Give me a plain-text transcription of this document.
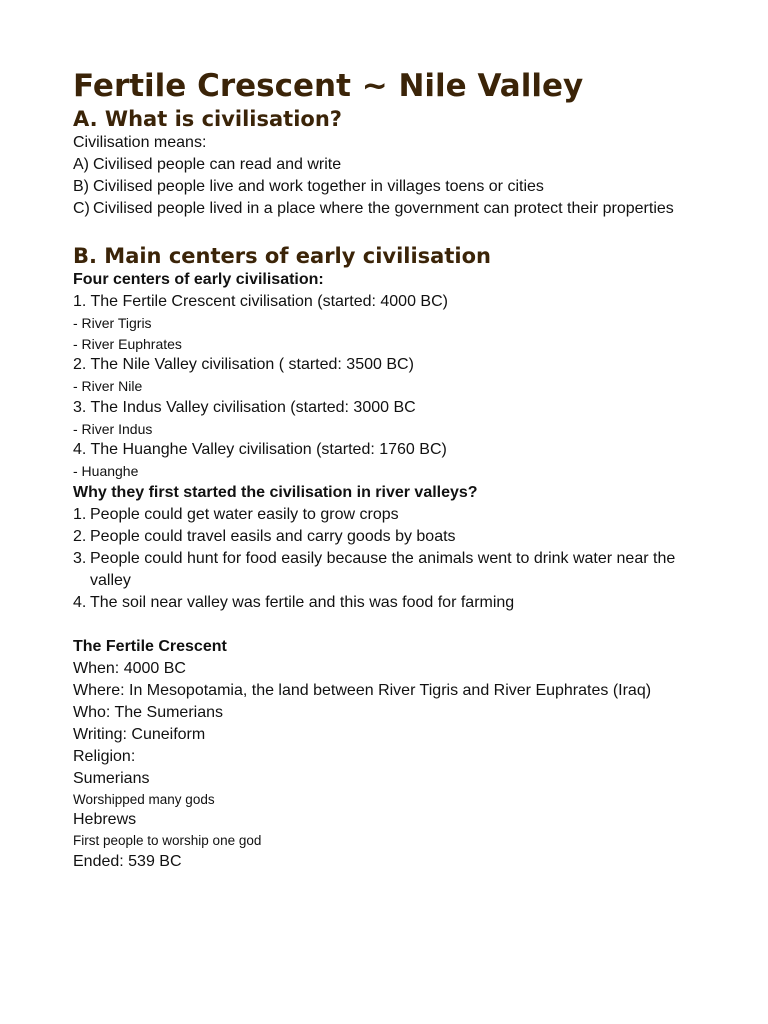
Fertile Crescent ~ Nile Valley
A. What is civilisation?

Civilisation means:

A) Civilised people can read and write
B) Civilised people live and work together in villages toens or cities
C) Civilised people lived in a place where the government can protect their properties
B. Main centers of early civilisation

Four centers of early civilisation:

1. The Fertile Crescent civilisation (started: 4000 BC)

- River Tigris

- River Euphrates

2. The Nile Valley civilisation ( started: 3500 BC)

- River Nile

3. The Indus Valley civilisation (started: 3000 BC

- River Indus

4. The Huanghe Valley civilisation (started: 1760 BC)

- Huanghe

Why they first started the civilisation in river valleys?

1. People could get water easily to grow crops
2. People could travel easils and carry goods by boats
3. People could hunt for food easily because the animals went to drink water near the valley
4. The soil near valley was fertile and this was food for farming

The Fertile Crescent

When: 4000 BC

Where: In Mesopotamia, the land between River Tigris and River Euphrates (Iraq)

Who: The Sumerians

Writing: Cuneiform

Religion:

Sumerians

Worshipped many gods

Hebrews

First people to worship one god

Ended: 539 BC
